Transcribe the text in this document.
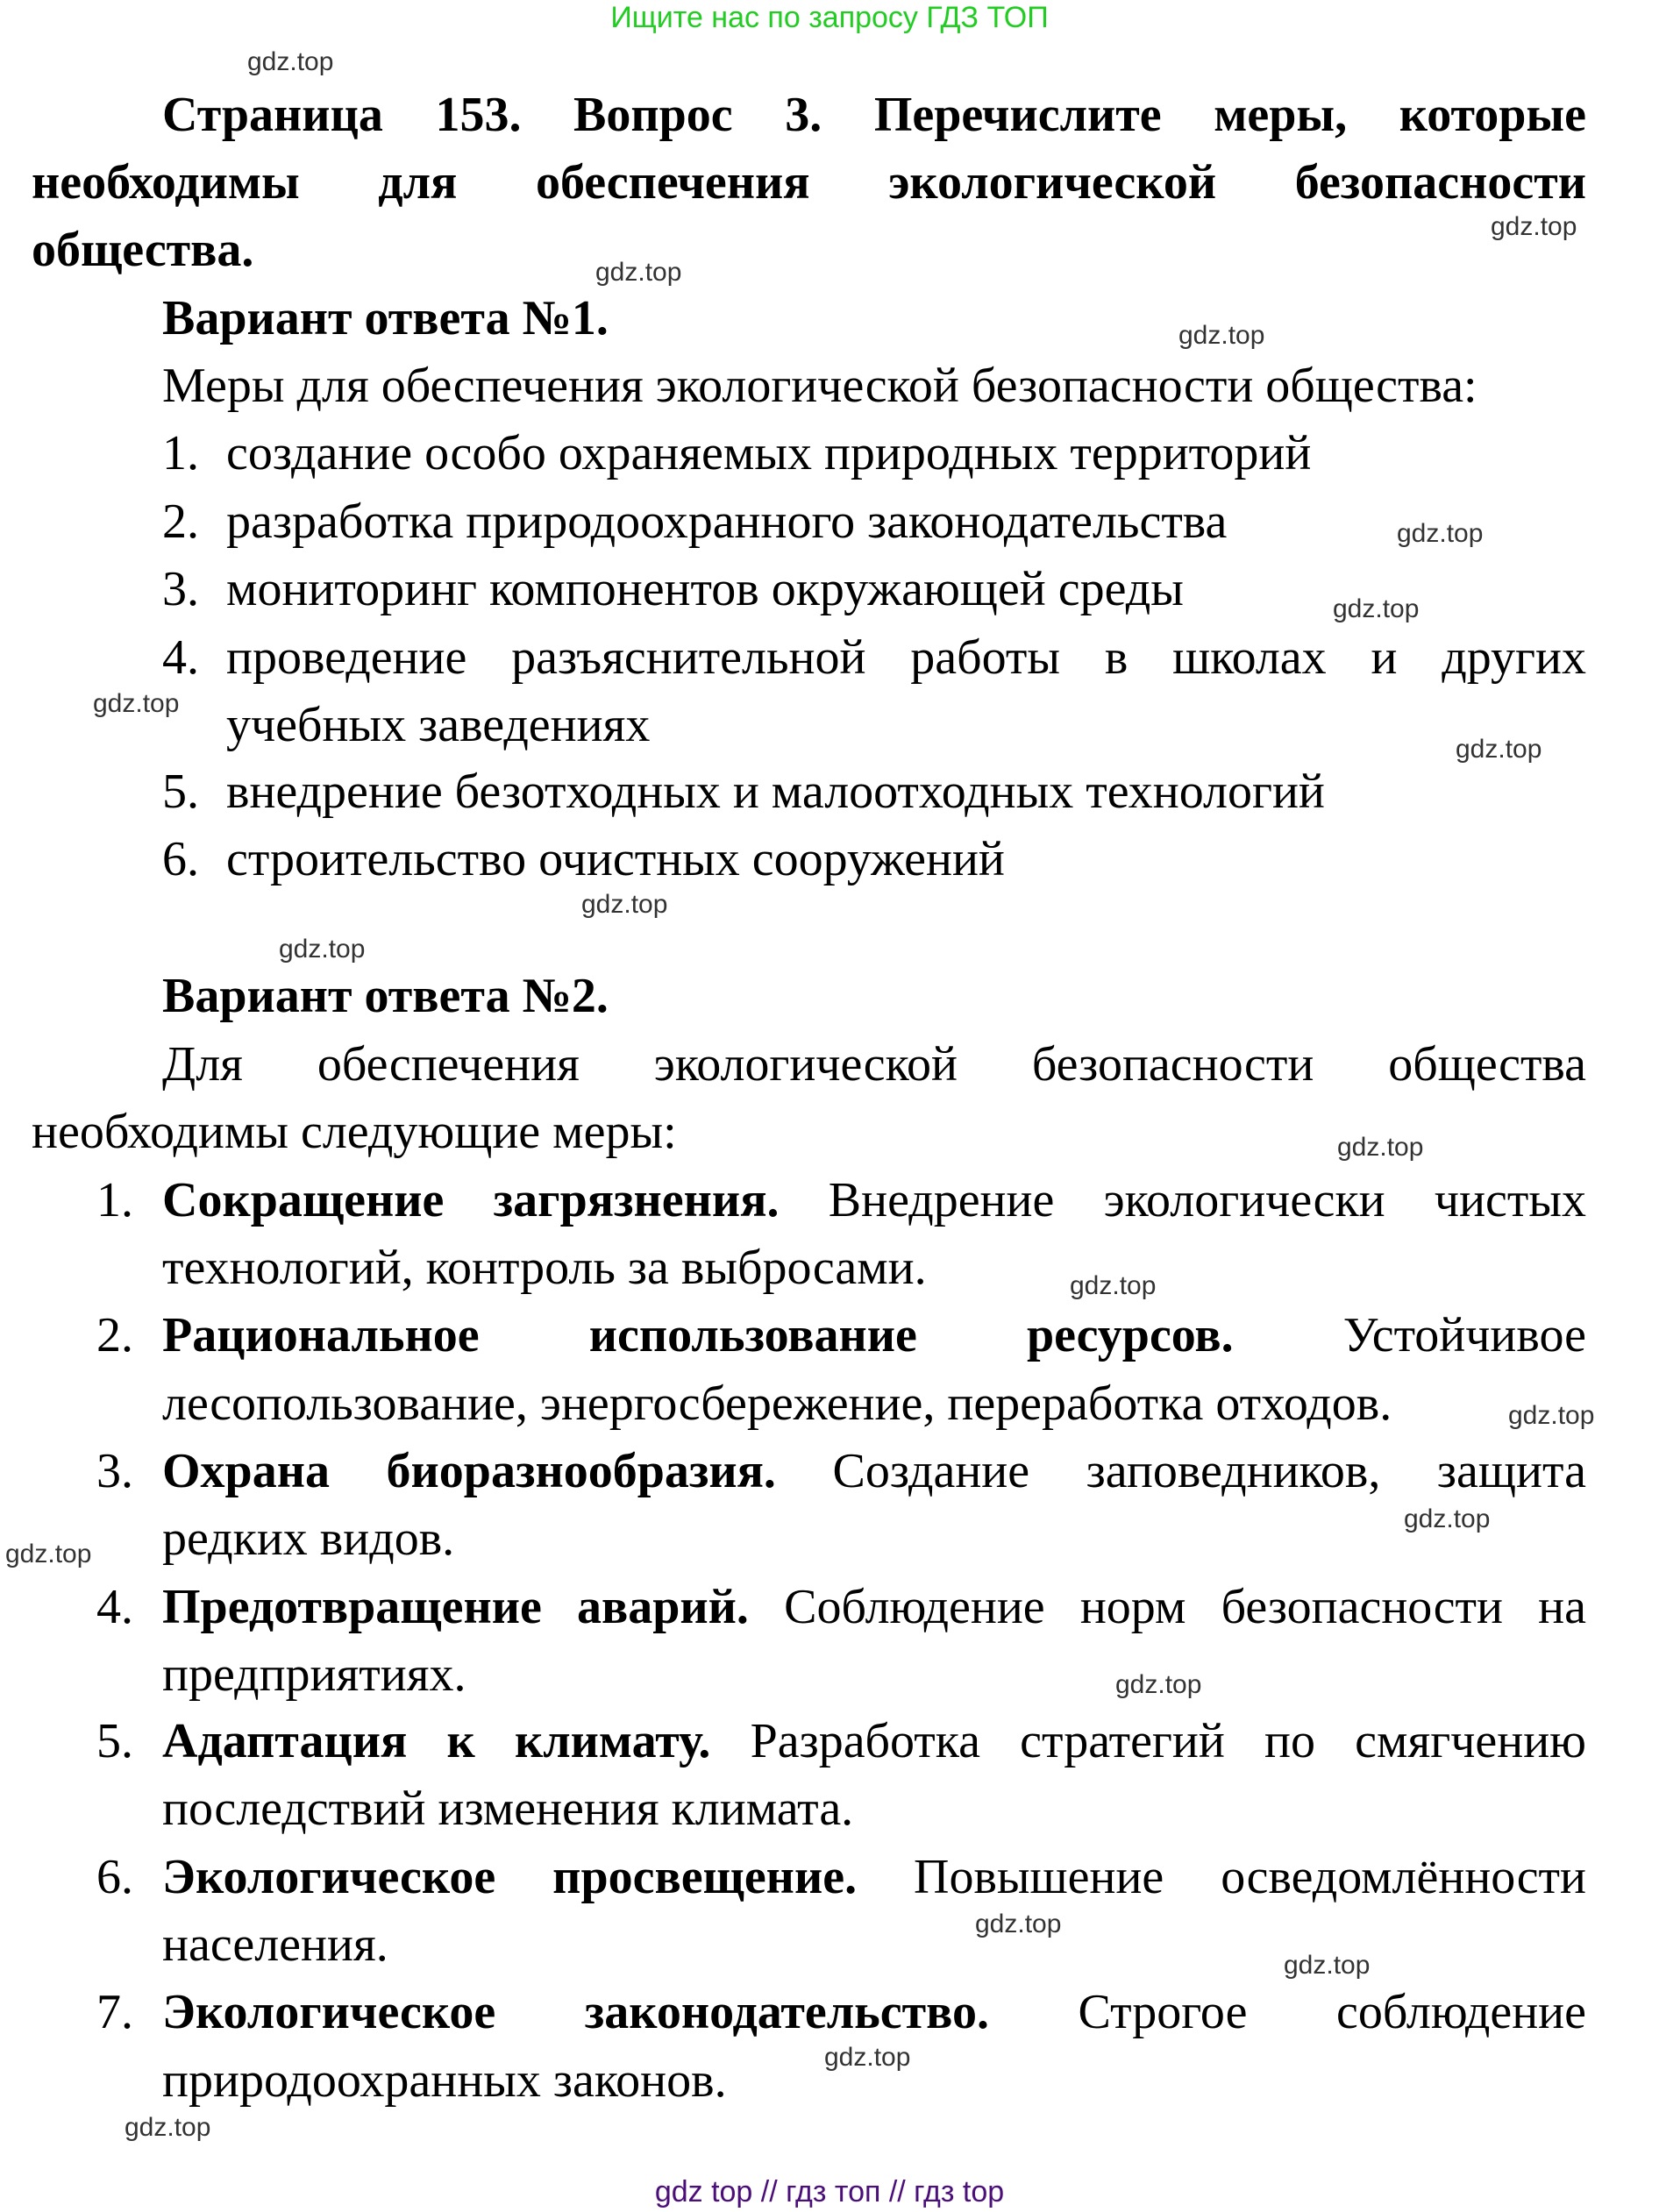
Ищите нас по запросу ГДЗ ТОП
Страница 153. Вопрос 3. Перечислите меры, которые
необходимы для обеспечения экологической безопасности
общества.
Вариант ответа №1.
Меры для обеспечения экологической безопасности общества:
1. создание особо охраняемых природных территорий
2. разработка природоохранного законодательства
3. мониторинг компонентов окружающей среды
4. проведение разъяснительной работы в школах и других
учебных заведениях
5. внедрение безотходных и малоотходных технологий
6. строительство очистных сооружений
Вариант ответа №2.
Для обеспечения экологической безопасности общества
необходимы следующие меры:
1. Сокращение загрязнения. Внедрение экологически чистых
технологий, контроль за выбросами.
2. Рациональное использование ресурсов. Устойчивое
лесопользование, энергосбережение, переработка отходов.
3. Охрана биоразнообразия. Создание заповедников, защита
редких видов.
4. Предотвращение аварий. Соблюдение норм безопасности на
предприятиях.
5. Адаптация к климату. Разработка стратегий по смягчению
последствий изменения климата.
6. Экологическое просвещение. Повышение осведомлённости
населения.
7. Экологическое законодательство. Строгое соблюдение
природоохранных законов.
gdz.top
gdz.top
gdz.top
gdz.top
gdz.top
gdz.top
gdz.top
gdz.top
gdz.top
gdz.top
gdz.top
gdz.top
gdz.top
gdz.top
gdz.top
gdz.top
gdz.top
gdz.top
gdz.top
gdz.top
gdz top // гдз топ // гдз top
